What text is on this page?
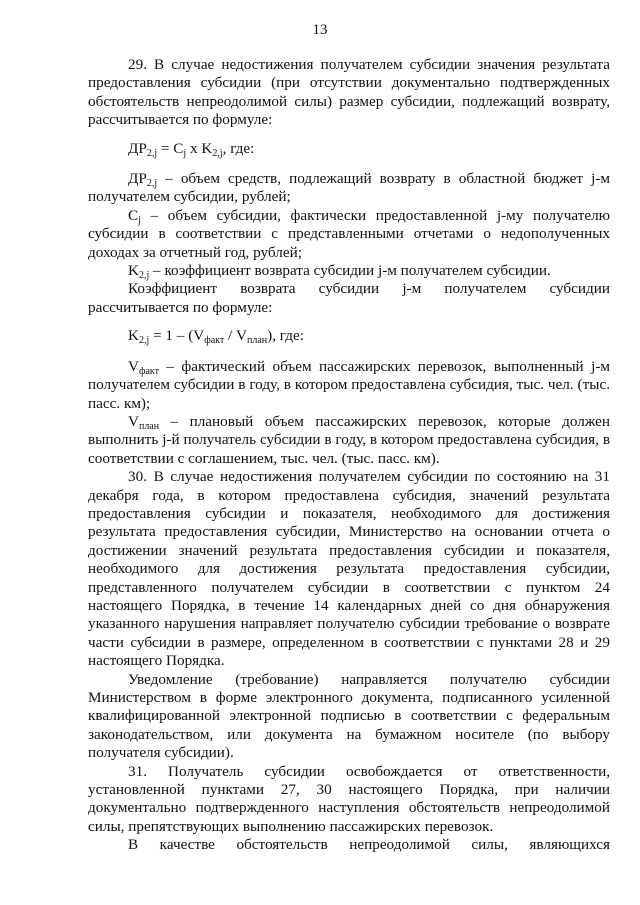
13

29. В случае недостижения получателем субсидии значения результата предоставления субсидии (при отсутствии документально подтвержденных обстоятельств непреодолимой силы) размер субсидии, подлежащий возврату, рассчитывается по формуле:

$ДР_{2,j} = C_j$ x $K_{2,j}$, где:

$ДР_{2,j}$ – объем средств, подлежащий возврату в областной бюджет j-м получателем субсидии, рублей;

$C_j$ – объем субсидии, фактически предоставленной j-му получателю субсидии в соответствии с представленными отчетами о недополученных доходах за отчетный год, рублей;

$K_{2,j}$ – коэффициент возврата субсидии j-м получателем субсидии.

Коэффициент возврата субсидии j-м получателем субсидии рассчитывается по формуле:

$K_{2,j} = 1 - (V_{факт} / V_{план})$, где:

$V_{факт}$ – фактический объем пассажирских перевозок, выполненный j-м получателем субсидии в году, в котором предоставлена субсидия, тыс. чел. (тыс. пасс. км);

$V_{план}$ – плановый объем пассажирских перевозок, которые должен выполнить j-й получатель субсидии в году, в котором предоставлена субсидия, в соответствии с соглашением, тыс. чел. (тыс. пасс. км).

30. В случае недостижения получателем субсидии по состоянию на 31 декабря года, в котором предоставлена субсидия, значений результата предоставления субсидии и показателя, необходимого для достижения результата предоставления субсидии, Министерство на основании отчета о достижении значений результата предоставления субсидии и показателя, необходимого для достижения результата предоставления субсидии, представленного получателем субсидии в соответствии с пунктом 24 настоящего Порядка, в течение 14 календарных дней со дня обнаружения указанного нарушения направляет получателю субсидии требование о возврате части субсидии в размере, определенном в соответствии с пунктами 28 и 29 настоящего Порядка.

Уведомление (требование) направляется получателю субсидии Министерством в форме электронного документа, подписанного усиленной квалифицированной электронной подписью в соответствии с федеральным законодательством, или документа на бумажном носителе (по выбору получателя субсидии).

31. Получатель субсидии освобождается от ответственности, установленной пунктами 27, 30 настоящего Порядка, при наличии документально подтвержденного наступления обстоятельств непреодолимой силы, препятствующих выполнению пассажирских перевозок.

В качестве обстоятельств непреодолимой силы, являющихся
